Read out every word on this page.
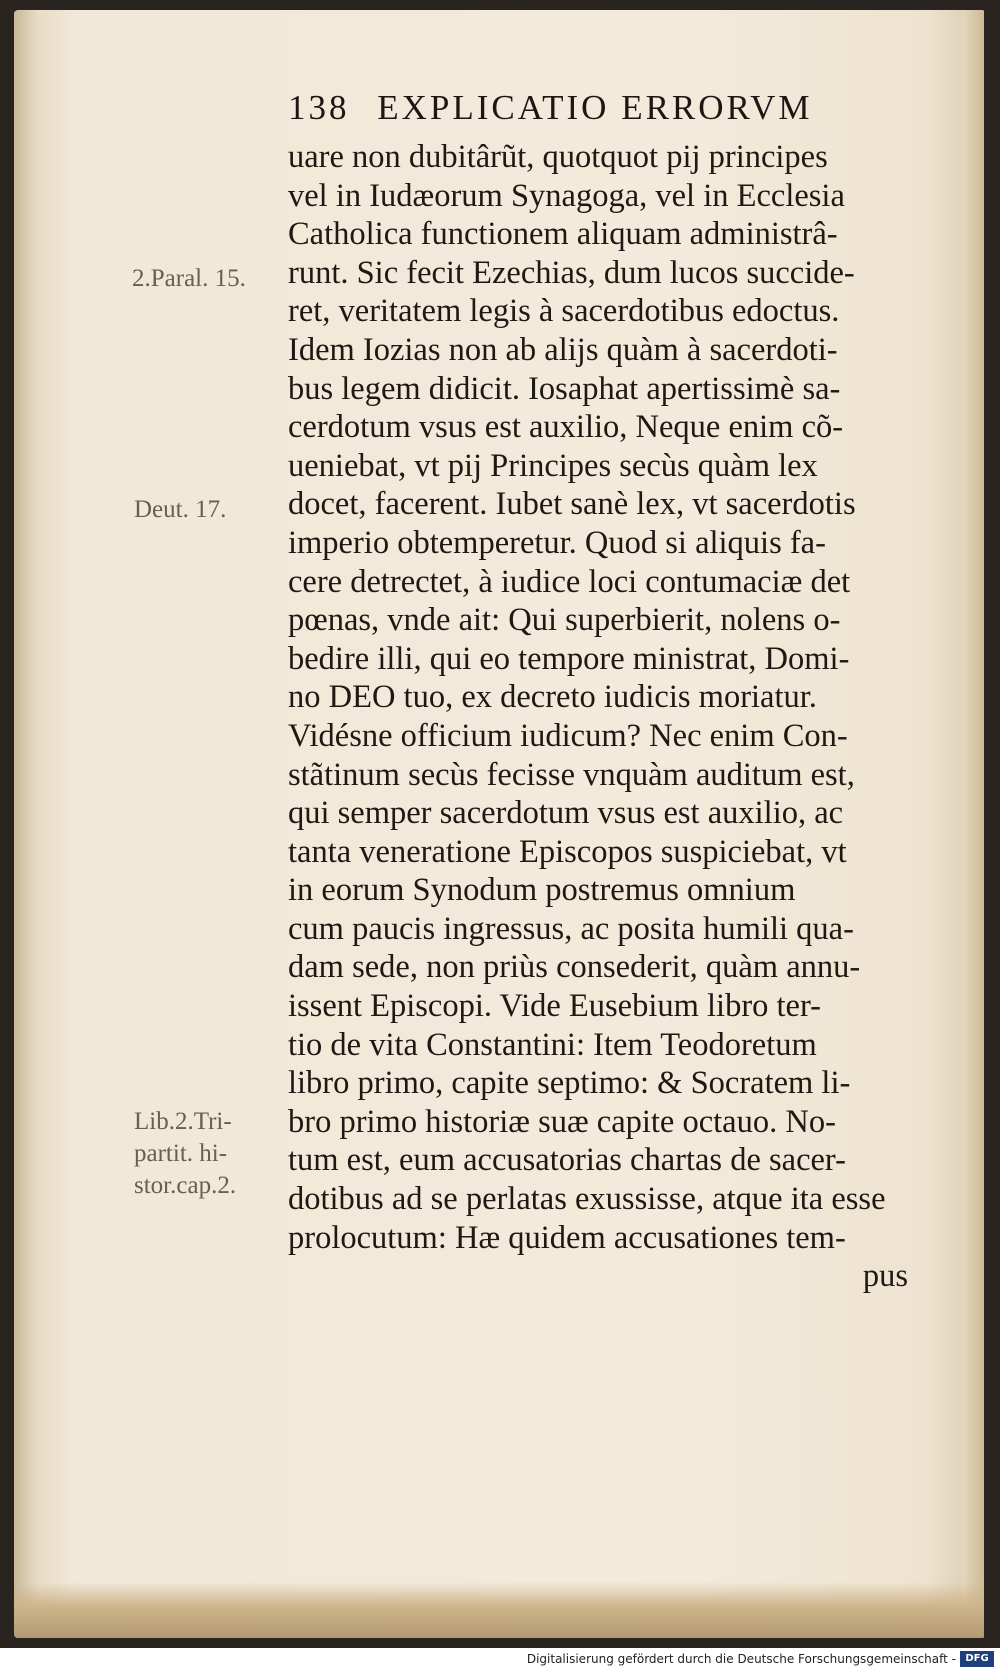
138 EXPLICATIO ERRORVM
uare non dubitârũt, quotquot pij principes
vel in Iudæorum Synagoga, vel in Ecclesia
Catholica functionem aliquam administrâ-
runt. Sic fecit Ezechias, dum lucos succide-
ret, veritatem legis à sacerdotibus edoctus.
Idem Iozias non ab alijs quàm à sacerdoti-
bus legem didicit. Iosaphat apertissimè sa-
cerdotum vsus est auxilio, Neque enim cõ-
ueniebat, vt pij Principes secùs quàm lex
docet, facerent. Iubet sanè lex, vt sacerdotis
imperio obtemperetur. Quod si aliquis fa-
cere detrectet, à iudice loci contumaciæ det
pœnas, vnde ait: Qui superbierit, nolens o-
bedire illi, qui eo tempore ministrat, Domi-
no DEO tuo, ex decreto iudicis moriatur.
Vidésne officium iudicum? Nec enim Con-
stãtinum secùs fecisse vnquàm auditum est,
qui semper sacerdotum vsus est auxilio, ac
tanta veneratione Episcopos suspiciebat, vt
in eorum Synodum postremus omnium
cum paucis ingressus, ac posita humili qua-
dam sede, non priùs consederit, quàm annu-
issent Episcopi. Vide Eusebium libro ter-
tio de vita Constantini: Item Teodoretum
libro primo, capite septimo: & Socratem li-
bro primo historiæ suæ capite octauo. No-
tum est, eum accusatorias chartas de sacer-
dotibus ad se perlatas exussisse, atque ita esse
prolocutum: Hæ quidem accusationes tem-
pus
2.Paral. 15.
Deut. 17.
Lib.2.Tri-
partit. hi-
stor.cap.2.
Digitalisierung gefördert durch die Deutsche Forschungsgemeinschaft - DFG
